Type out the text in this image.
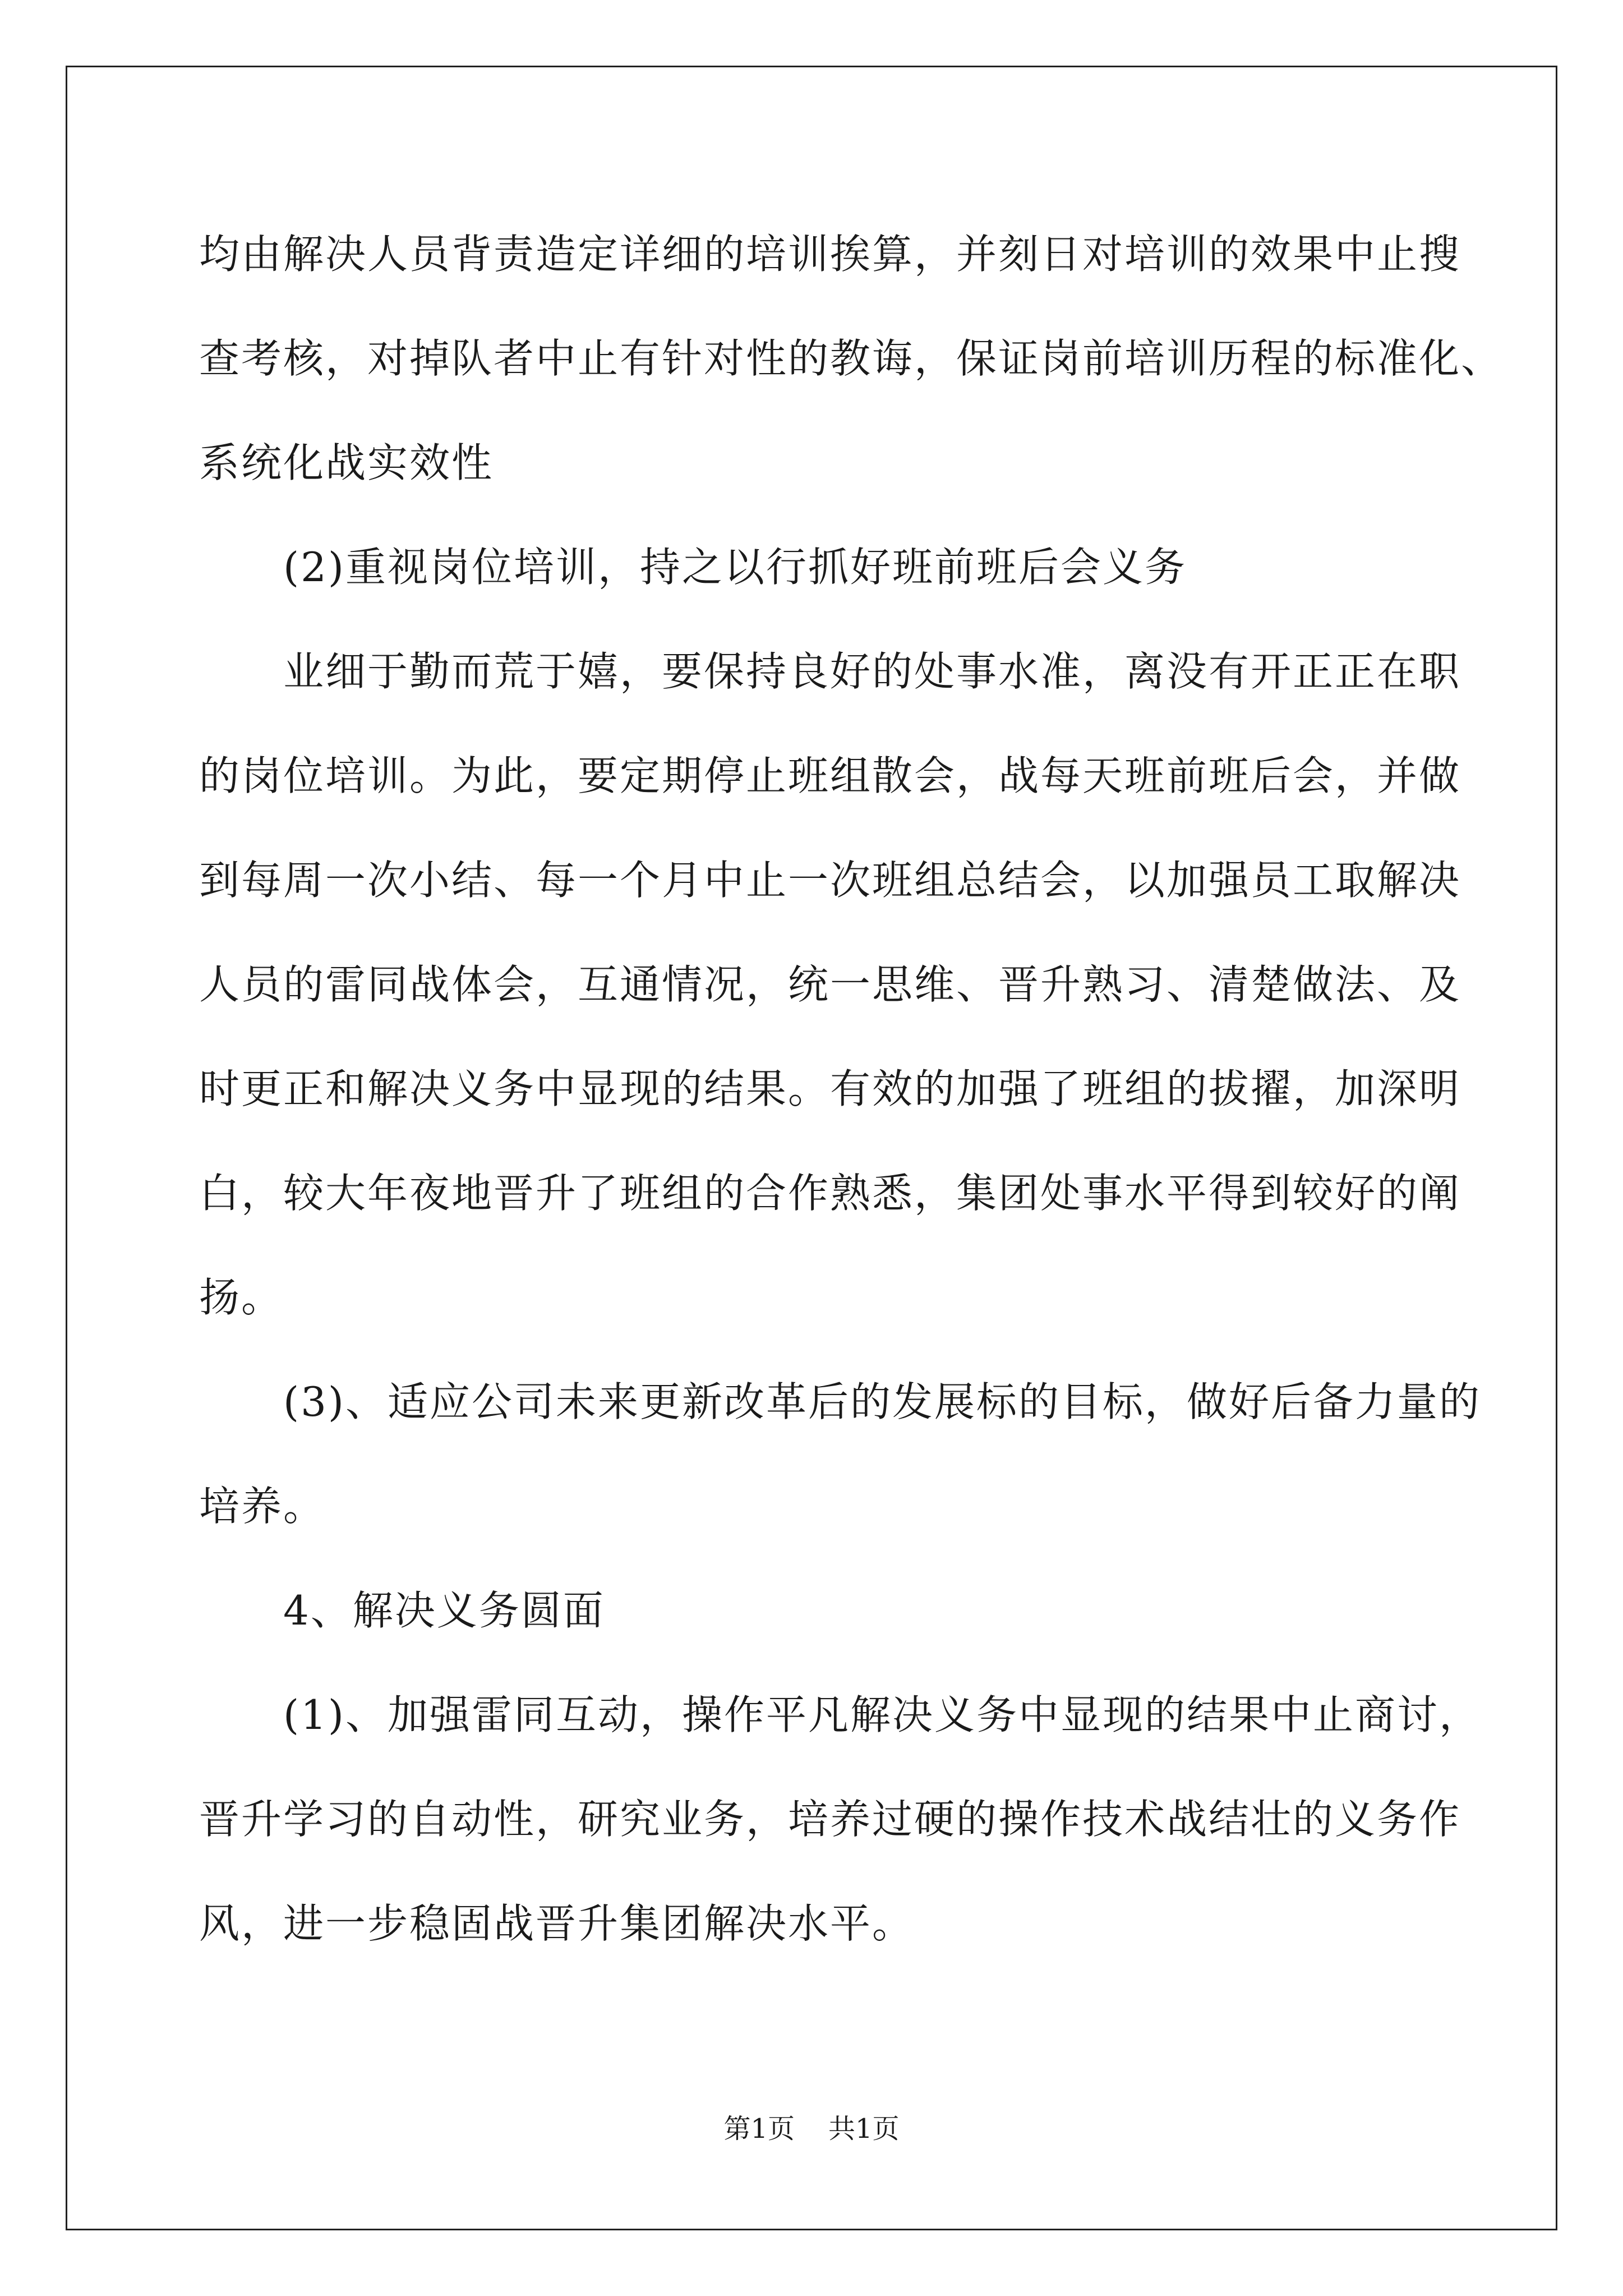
均由解决人员背责造定详细的培训挨算，并刻日对培训的效果中止搜
查考核，对掉队者中止有针对性的教诲，保证岗前培训历程的标准化、
系统化战实效性

(2)重视岗位培训，持之以行抓好班前班后会义务

业细于勤而荒于嬉，要保持良好的处事水准，离没有开正正在职
的岗位培训。为此，要定期停止班组散会，战每天班前班后会，并做
到每周一次小结、每一个月中止一次班组总结会，以加强员工取解决
人员的雷同战体会，互通情况，统一思维、晋升熟习、清楚做法、及
时更正和解决义务中显现的结果。有效的加强了班组的拔擢，加深明
白，较大年夜地晋升了班组的合作熟悉，集团处事水平得到较好的阐
扬。

(3)、适应公司未来更新改革后的发展标的目标，做好后备力量的
培养。

4、解决义务圆面

(1)、加强雷同互动，操作平凡解决义务中显现的结果中止商讨，
晋升学习的自动性，研究业务，培养过硬的操作技术战结壮的义务作
风，进一步稳固战晋升集团解决水平。

第1页 共1页
